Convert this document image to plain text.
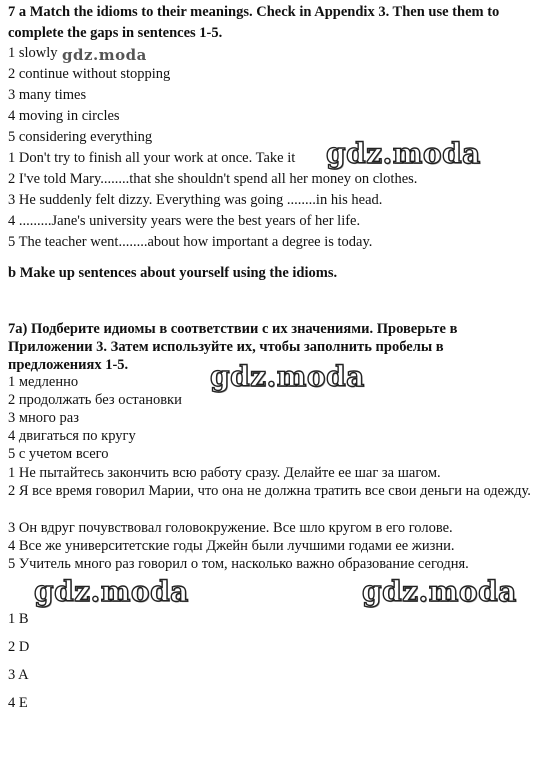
7 a Match the idioms to their meanings. Check in Appendix 3. Then use them to complete the gaps in sentences 1-5.
1 slowly
2 continue without stopping
3 many times
4 moving in circles
5 considering everything
1 Don't try to finish all your work at once. Take it
2 I've told Mary........that she shouldn't spend all her money on clothes.
3 He suddenly felt dizzy. Everything was going ........in his head.
4 .........Jane's university years were the best years of her life.
5 The teacher went........about how important a degree is today.
b Make up sentences about yourself using the idioms.
7а) Подберите идиомы в соответствии с их значениями. Проверьте в Приложении 3. Затем используйте их, чтобы заполнить пробелы в предложениях 1-5.
1 медленно
2 продолжать без остановки
3 много раз
4 двигаться по кругу
5 с учетом всего
1 Не пытайтесь закончить всю работу сразу. Делайте ее шаг за шагом.
2 Я все время говорил Марии, что она не должна тратить все свои деньги на одежду.
3 Он вдруг почувствовал головокружение. Все шло кругом в его голове.
4 Все же университетские годы Джейн были лучшими годами ее жизни.
5 Учитель много раз говорил о том, насколько важно образование сегодня.
1 B
2 D
3 A
4 E
gdz.moda
gdz.moda
gdz.moda
gdz.moda	gdz.moda
